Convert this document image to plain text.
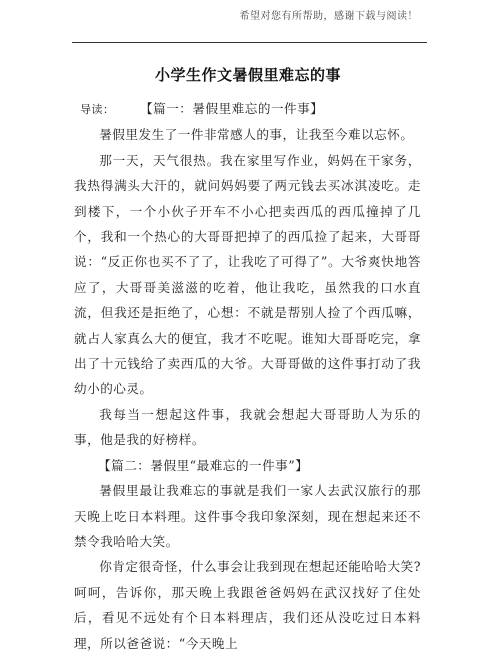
希望对您有所帮助，感谢下载与阅读！
小学生作文暑假里难忘的事

导读： 【篇一：暑假里难忘的一件事】

暑假里发生了一件非常感人的事，让我至今难以忘怀。

那一天，天气很热。我在家里写作业，妈妈在干家务，我热得满头大汗的，就问妈妈要了两元钱去买冰淇凌吃。走到楼下，一个小伙子开车不小心把卖西瓜的西瓜撞掉了几个，我和一个热心的大哥哥把掉了的西瓜捡了起来，大哥哥说：“反正你也买不了了，让我吃了可得了”。大爷爽快地答应了，大哥哥美滋滋的吃着，他让我吃，虽然我的口水直流，但我还是拒绝了，心想：不就是帮别人捡了个西瓜嘛，就占人家真么大的便宜，我才不吃呢。谁知大哥哥吃完，拿出了十元钱给了卖西瓜的大爷。大哥哥做的这件事打动了我幼小的心灵。

我每当一想起这件事，我就会想起大哥哥助人为乐的事，他是我的好榜样。

【篇二：暑假里“最难忘的一件事”】

暑假里最让我难忘的事就是我们一家人去武汉旅行的那天晚上吃日本料理。这件事令我印象深刻，现在想起来还不禁令我哈哈大笑。

你肯定很奇怪，什么事会让我到现在想起还能哈哈大笑?呵呵，告诉你，那天晚上我跟爸爸妈妈在武汉找好了住处后，看见不远处有个日本料理店，我们还从没吃过日本料理，所以爸爸说：“今天晚上
